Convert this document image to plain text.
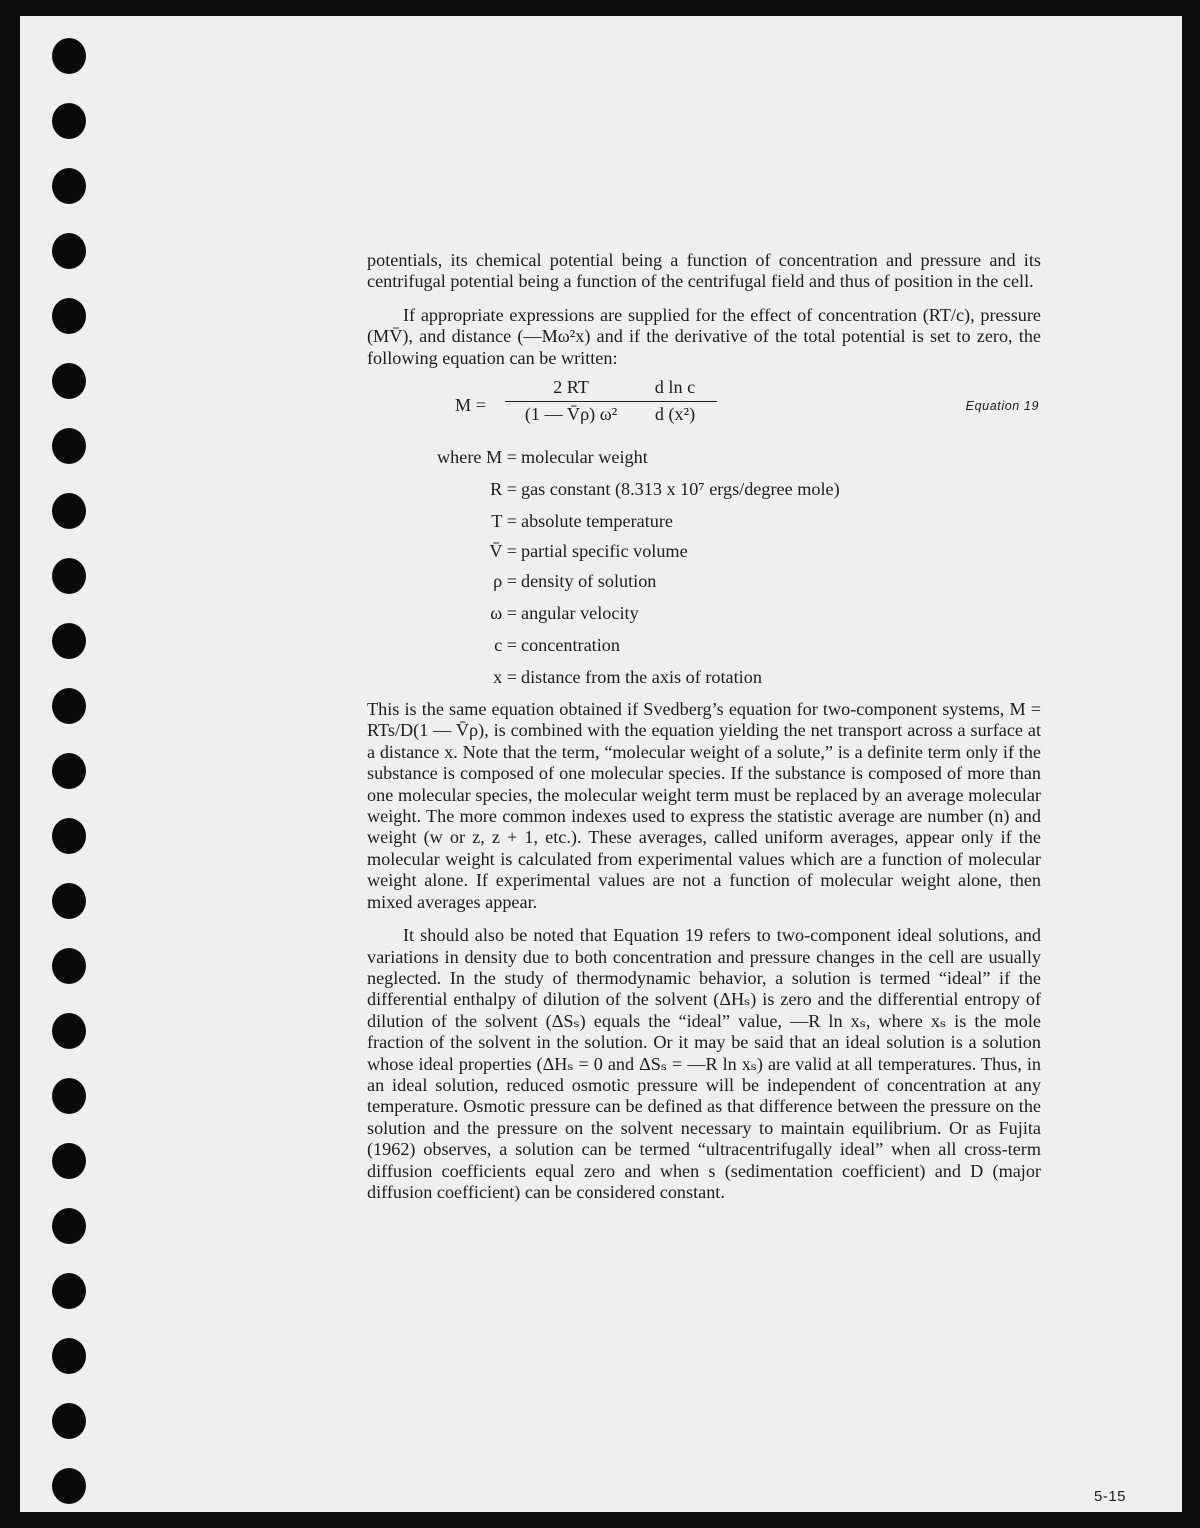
potentials, its chemical potential being a function of concentration and pressure and its centrifugal potential being a function of the centrifugal field and thus of position in the cell.

If appropriate expressions are supplied for the effect of concentration (RT/c), pressure (MV̄), and distance (—Mω²x) and if the derivative of the total potential is set to zero, the following equation can be written:

$M = \frac{2 RT}{\text{(1 — V̄ρ) ω²}}$
$\frac{\text{d ln c}}{\text{d (x²)}}$	Equation 19
where M = molecular weight
R = gas constant (8.313 x 10⁷ ergs/degree mole)
T = absolute temperature
V̄ = partial specific volume
ρ = density of solution
ω = angular velocity
c = concentration
x = distance from the axis of rotation

This is the same equation obtained if Svedberg’s equation for two-component systems, M = RTs/D(1 — V̄ρ), is combined with the equation yielding the net transport across a surface at a distance x. Note that the term, “molecular weight of a solute,” is a definite term only if the substance is composed of one molecular species. If the substance is composed of more than one molecular species, the molecular weight term must be replaced by an average molecular weight. The more common indexes used to express the statistic average are number (n) and weight (w or z, z + 1, etc.). These averages, called uniform averages, appear only if the molecular weight is calculated from experimental values which are a function of molecular weight alone. If experimental values are not a function of molecular weight alone, then mixed averages appear.

It should also be noted that Equation 19 refers to two-component ideal solutions, and variations in density due to both concentration and pressure changes in the cell are usually neglected. In the study of thermodynamic behavior, a solution is termed “ideal” if the differential enthalpy of dilution of the solvent (ΔHₛ) is zero and the differential entropy of dilution of the solvent (ΔSₛ) equals the “ideal” value, —R ln xₛ, where xₛ is the mole fraction of the solvent in the solution. Or it may be said that an ideal solution is a solution whose ideal properties (ΔHₛ = 0 and ΔSₛ = —R ln xₛ) are valid at all temperatures. Thus, in an ideal solution, reduced osmotic pressure will be independent of concentration at any temperature. Osmotic pressure can be defined as that difference between the pressure on the solution and the pressure on the solvent necessary to maintain equilibrium. Or as Fujita (1962) observes, a solution can be termed “ultracentrifugally ideal” when all cross-term diffusion coefficients equal zero and when s (sedimentation coefficient) and D (major diffusion coefficient) can be considered constant.

5-15
